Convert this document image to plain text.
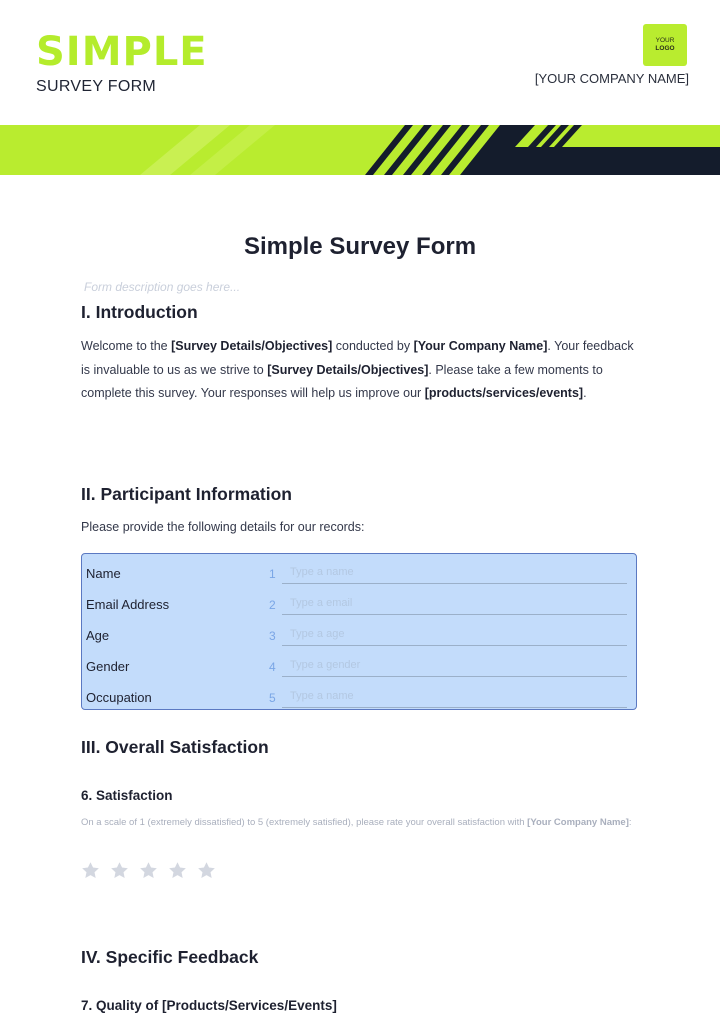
SIMPLE
SURVEY FORM
YOUR
LOGO
[YOUR COMPANY NAME]
Simple Survey Form
Form description goes here...
I. Introduction
Welcome to the [Survey Details/Objectives] conducted by [Your Company Name]. Your feedback is invaluable to us as we strive to [Survey Details/Objectives]. Please take a few moments to complete this survey. Your responses will help us improve our [products/services/events].
II. Participant Information
Please provide the following details for our records:
Name	1 Type a name
Email Address	2 Type a email
Age	3 Type a age
Gender	4 Type a gender
Occupation	5 Type a name
III. Overall Satisfaction
6. Satisfaction
On a scale of 1 (extremely dissatisfied) to 5 (extremely satisfied), please rate your overall satisfaction with [Your Company Name]:
IV. Specific Feedback
7. Quality of [Products/Services/Events]
